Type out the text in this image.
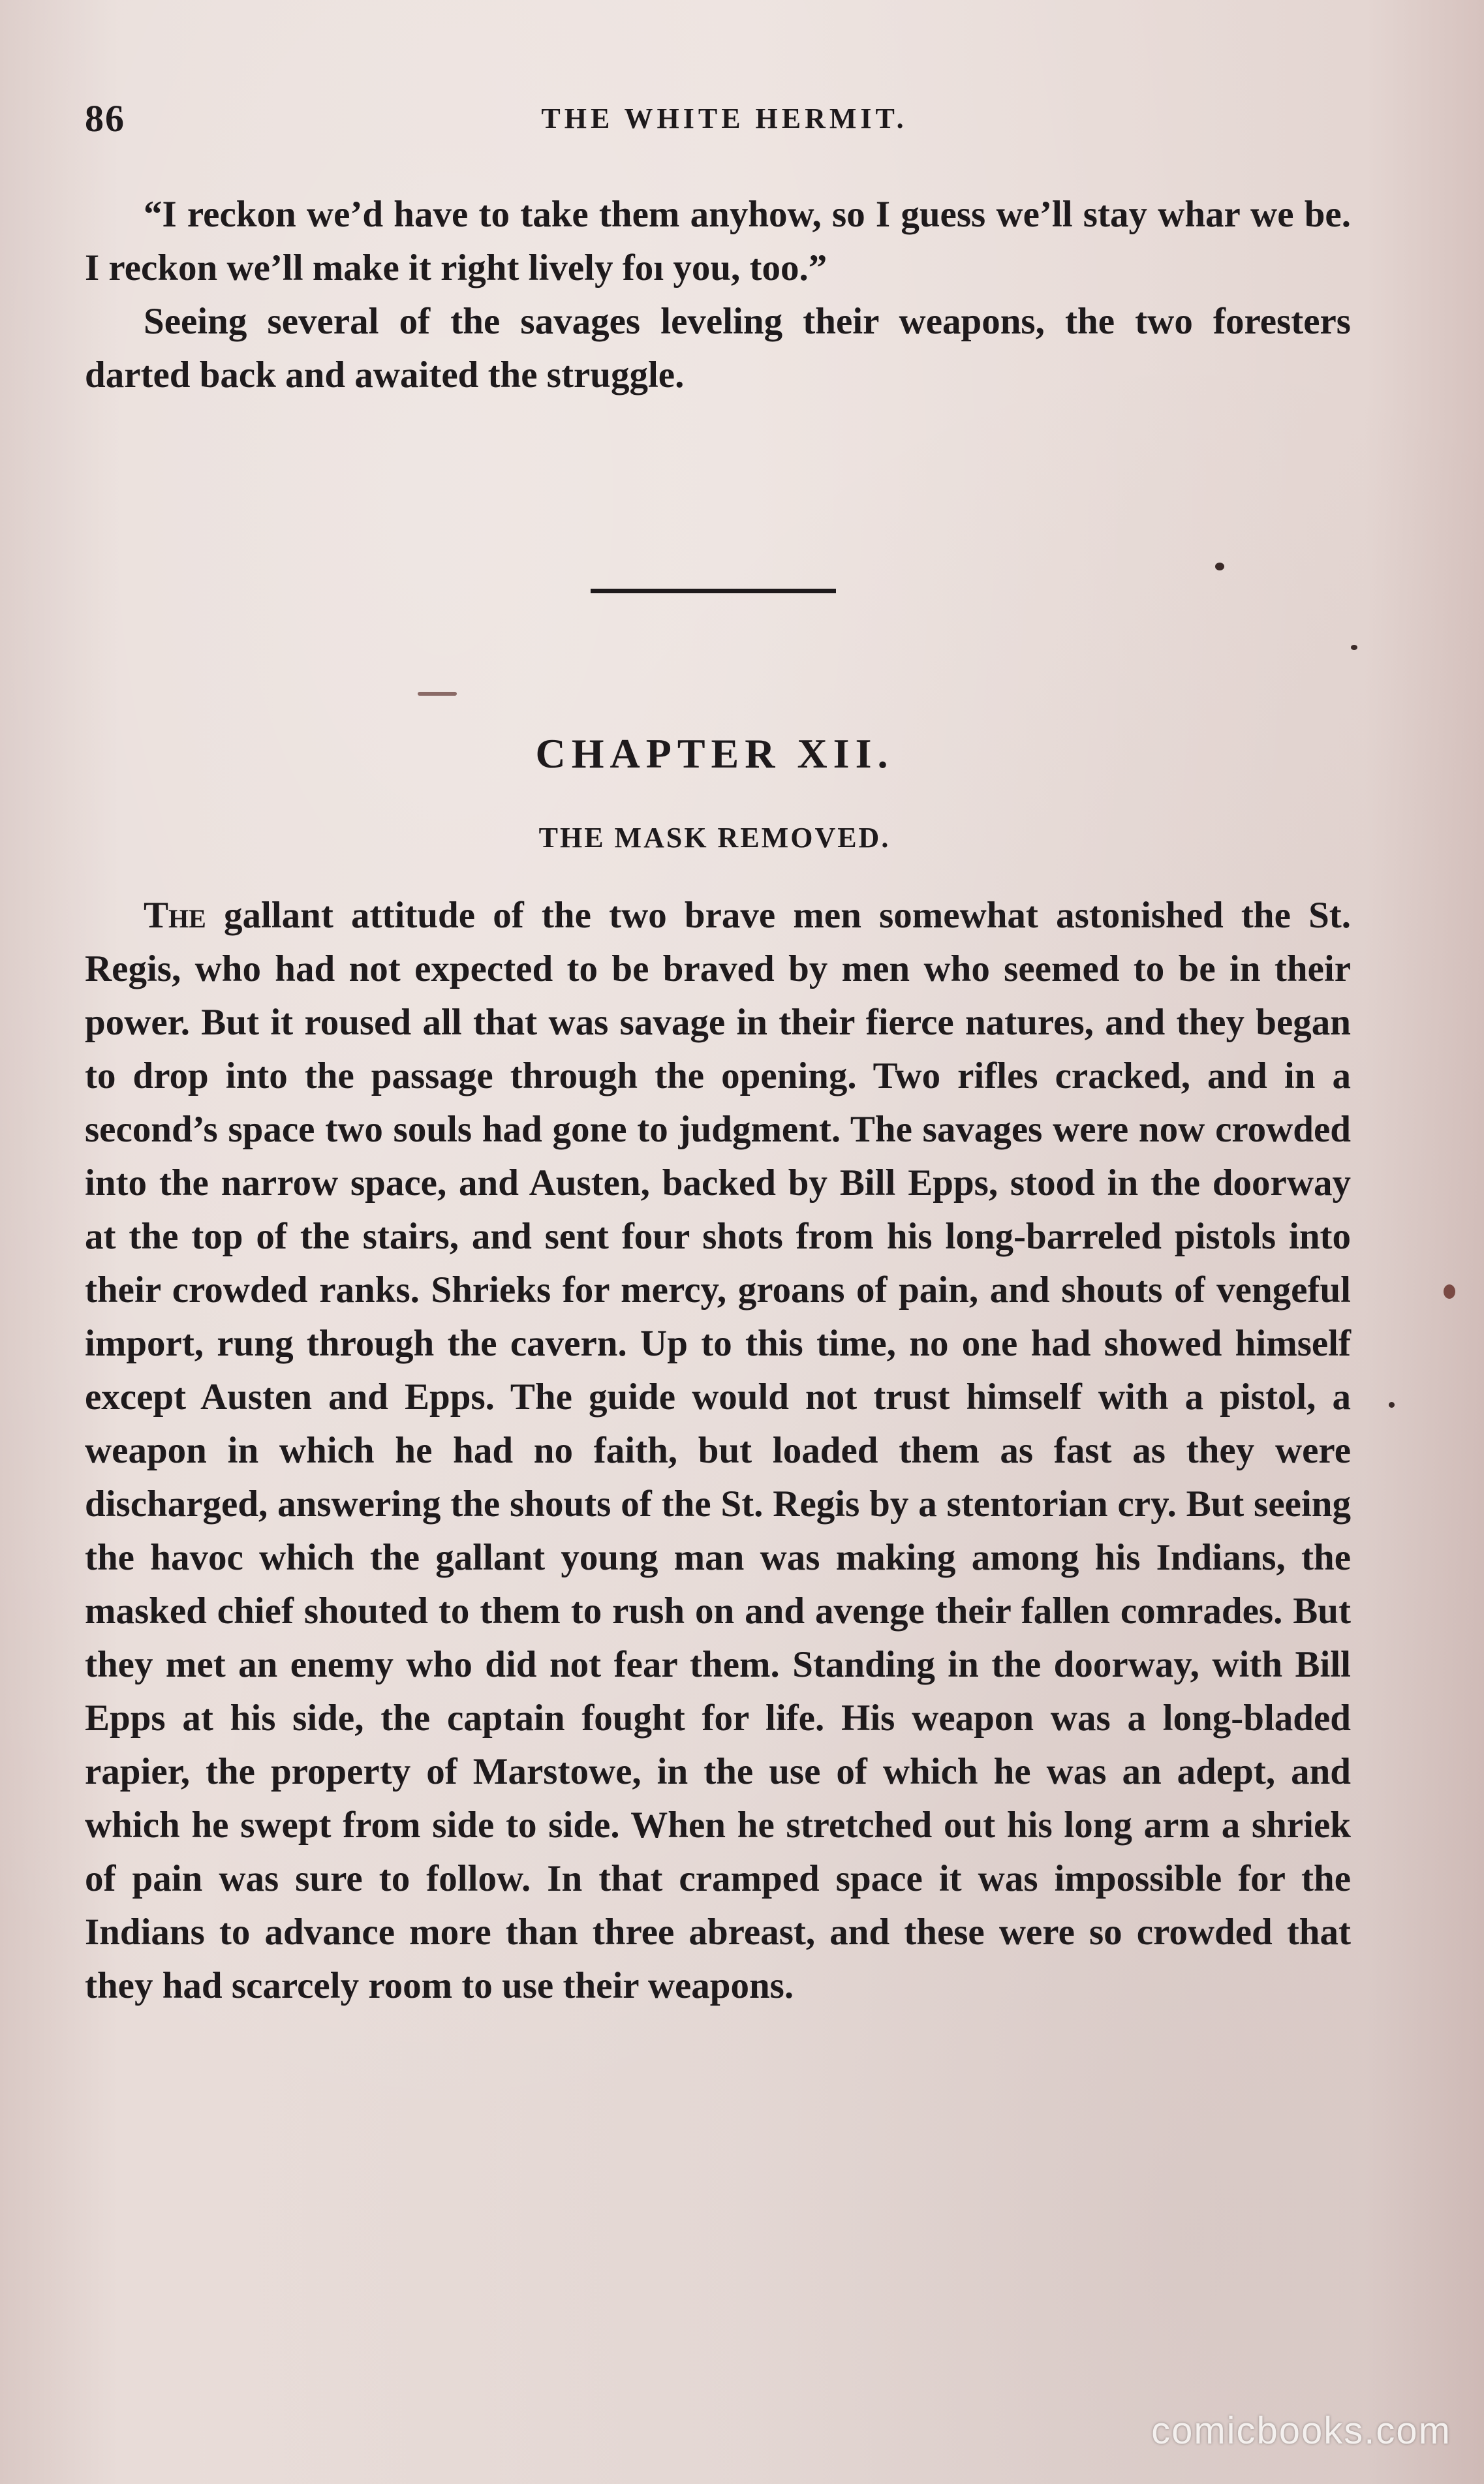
86	THE WHITE HERMIT.

“I reckon we’d have to take them anyhow, so I guess we’ll stay whar we be. I reckon we’ll make it right lively foı you, too.”

Seeing several of the savages leveling their weapons, the two foresters darted back and awaited the struggle.

CHAPTER XII.
THE MASK REMOVED.

The gallant attitude of the two brave men somewhat astonished the St. Regis, who had not expected to be braved by men who seemed to be in their power. But it roused all that was savage in their fierce natures, and they began to drop into the passage through the opening. Two rifles cracked, and in a second’s space two souls had gone to judgment. The savages were now crowded into the narrow space, and Austen, backed by Bill Epps, stood in the doorway at the top of the stairs, and sent four shots from his long-barreled pistols into their crowded ranks. Shrieks for mercy, groans of pain, and shouts of vengeful import, rung through the cavern. Up to this time, no one had showed himself except Austen and Epps. The guide would not trust himself with a pistol, a weapon in which he had no faith, but loaded them as fast as they were discharged, answering the shouts of the St. Regis by a stentorian cry. But seeing the havoc which the gallant young man was making among his Indians, the masked chief shouted to them to rush on and avenge their fallen comrades. But they met an enemy who did not fear them. Standing in the doorway, with Bill Epps at his side, the captain fought for life. His weapon was a long-bladed rapier, the property of Marstowe, in the use of which he was an adept, and which he swept from side to side. When he stretched out his long arm a shriek of pain was sure to follow. In that cramped space it was impossible for the Indians to advance more than three abreast, and these were so crowded that they had scarcely room to use their weapons.

comicbooks.com
